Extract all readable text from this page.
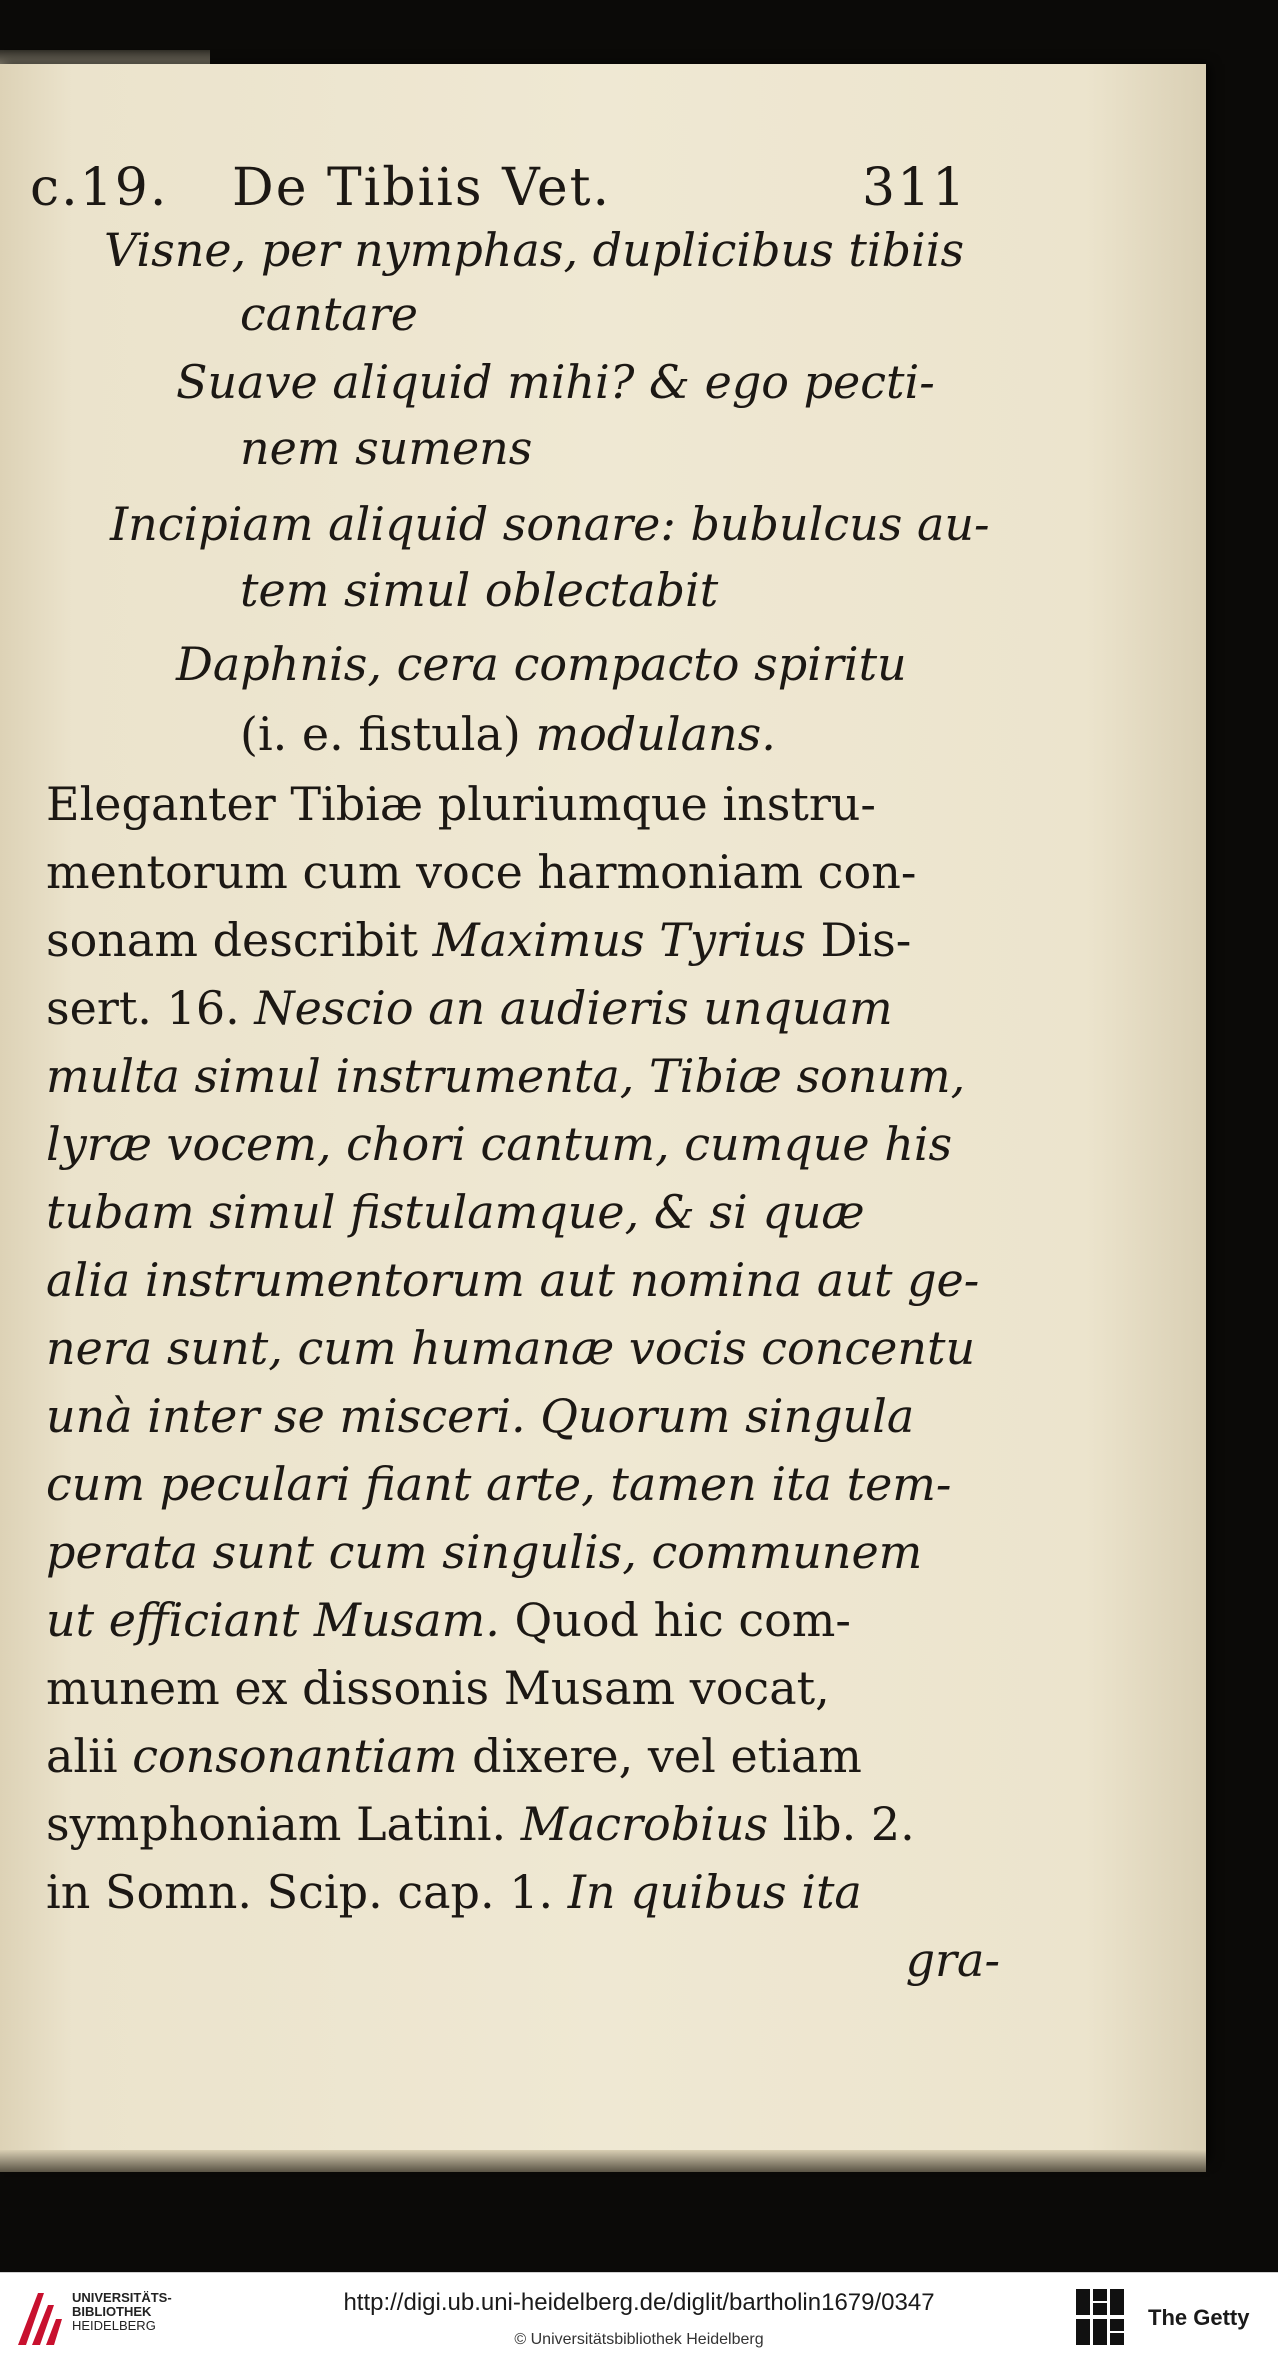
c.19. De Tibiis Vet.	311

Visne, per nymphas, duplicibus tibiis

cantare

Suave aliquid mihi? & ego pecti-

nem sumens

Incipiam aliquid sonare: bubulcus au-

tem simul oblectabit

Daphnis, cera compacto spiritu

(i. e. fistula) modulans.

Eleganter Tibiæ pluriumque instru-

mentorum cum voce harmoniam con-

sonam describit Maximus Tyrius Dis-

sert. 16. Nescio an audieris unquam

multa simul instrumenta, Tibiæ sonum,

lyræ vocem, chori cantum, cumque his

tubam simul fistulamque, & si quæ

alia instrumentorum aut nomina aut ge-

nera sunt, cum humanæ vocis concentu

unà inter se misceri. Quorum singula

cum peculari fiant arte, tamen ita tem-

perata sunt cum singulis, communem

ut efficiant Musam. Quod hic com-

munem ex dissonis Musam vocat,

alii consonantiam dixere, vel etiam

symphoniam Latini. Macrobius lib. 2.

in Somn. Scip. cap. 1. In quibus ita

gra-

UNIVERSITÄTS-
BIBLIOTHEK
HEIDELBERG

http://digi.ub.uni-heidelberg.de/diglit/bartholin1679/0347

© Universitätsbibliothek Heidelberg

The Getty
